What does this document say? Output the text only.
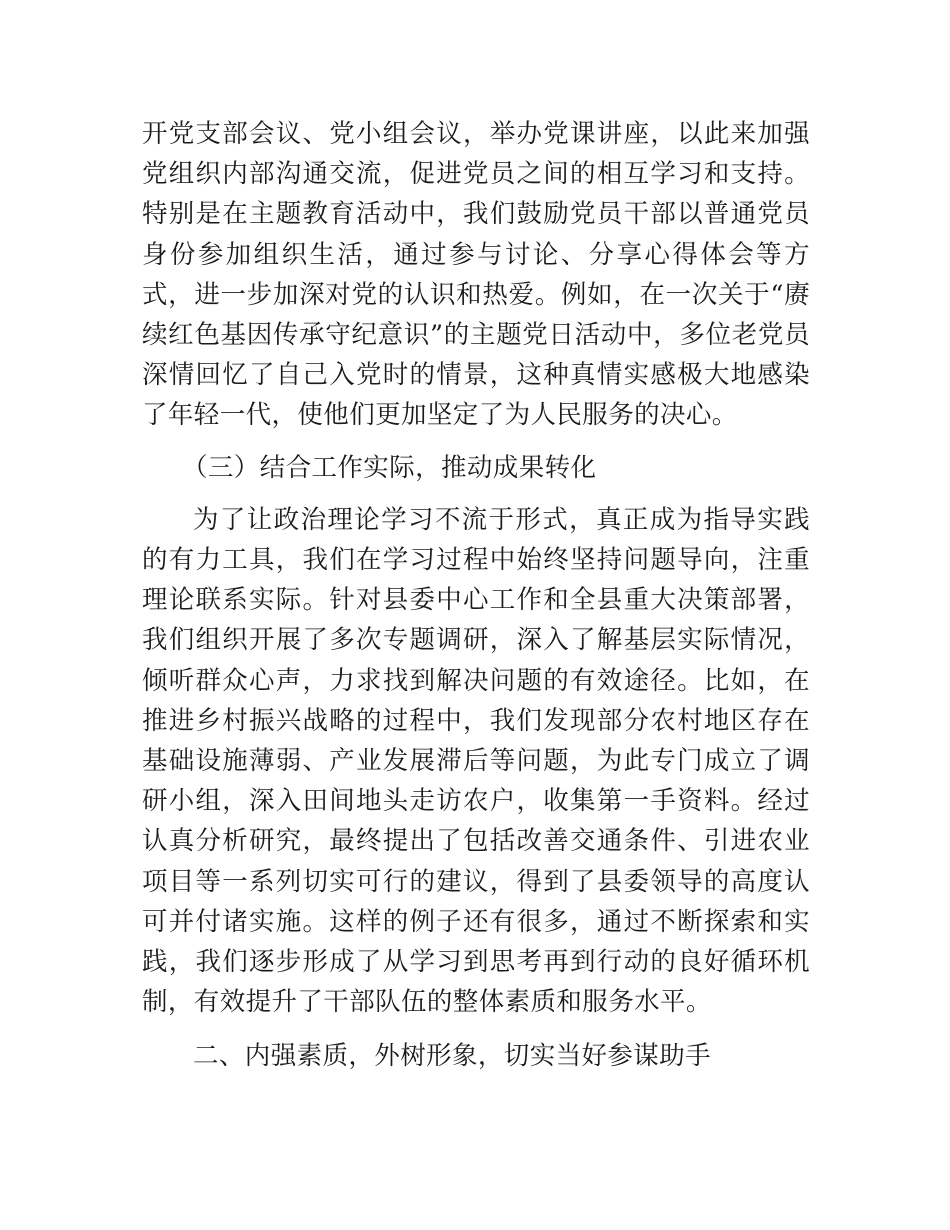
开党支部会议、党小组会议，举办党课讲座，以此来加强党组织内部沟通交流，促进党员之间的相互学习和支持。特别是在主题教育活动中，我们鼓励党员干部以普通党员身份参加组织生活，通过参与讨论、分享心得体会等方式，进一步加深对党的认识和热爱。例如，在一次关于“赓续红色基因传承守纪意识”的主题党日活动中，多位老党员深情回忆了自己入党时的情景，这种真情实感极大地感染了年轻一代，使他们更加坚定了为人民服务的决心。

（三）结合工作实际，推动成果转化

为了让政治理论学习不流于形式，真正成为指导实践的有力工具，我们在学习过程中始终坚持问题导向，注重理论联系实际。针对县委中心工作和全县重大决策部署，我们组织开展了多次专题调研，深入了解基层实际情况，倾听群众心声，力求找到解决问题的有效途径。比如，在推进乡村振兴战略的过程中，我们发现部分农村地区存在基础设施薄弱、产业发展滞后等问题，为此专门成立了调研小组，深入田间地头走访农户，收集第一手资料。经过认真分析研究，最终提出了包括改善交通条件、引进农业项目等一系列切实可行的建议，得到了县委领导的高度认可并付诸实施。这样的例子还有很多，通过不断探索和实践，我们逐步形成了从学习到思考再到行动的良好循环机制，有效提升了干部队伍的整体素质和服务水平。

二、内强素质，外树形象，切实当好参谋助手
